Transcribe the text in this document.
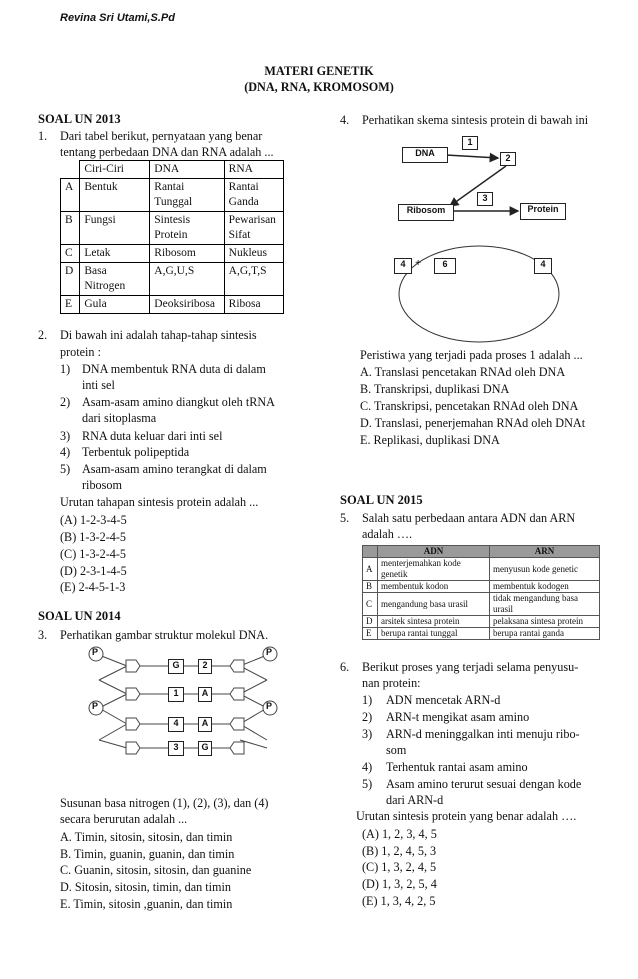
Revina Sri Utami,S.Pd
MATERI GENETIK
(DNA, RNA, KROMOSOM)
SOAL UN 2013
1. Dari tabel berikut, pernyataan yang benar
tentang perbedaan DNA dan RNA adalah ...
	Ciri-Ciri	DNA	RNA
A	Bentuk	Rantai Tunggal	Rantai Ganda
B	Fungsi	Sintesis Protein	Pewarisan Sifat
C	Letak	Ribosom	Nukleus
D	Basa Nitrogen	A,G,U,S	A,G,T,S
E	Gula	Deoksiribosa	Ribosa
2. Di bawah ini adalah tahap-tahap sintesis
protein :
1) DNA membentuk RNA duta di dalam
inti sel
2) Asam-asam amino diangkut oleh tRNA
dari sitoplasma
3) RNA duta keluar dari inti sel
4) Terbentuk polipeptida
5) Asam-asam amino terangkat di dalam
ribosom
Urutan tahapan sintesis protein adalah ...
(A) 1-2-3-4-5
(B) 1-3-2-4-5
(C) 1-3-2-4-5
(D) 2-3-1-4-5
(E) 2-4-5-1-3
SOAL UN 2014
3. Perhatikan gambar struktur molekul DNA.
P
P
P
P
G	2
1	A
4	A
3	G
Susunan basa nitrogen (1), (2), (3), dan (4)
secara berurutan adalah ...
A. Timin, sitosin, sitosin, dan timin
B. Timin, guanin, guanin, dan timin
C. Guanin, sitosin, sitosin, dan guanine
D. Sitosin, sitosin, timin, dan timin
E. Timin, sitosin ,guanin, dan timin
4. Perhatikan skema sintesis protein di bawah ini
DNA
1
2
3
Ribosom	Protein
4 +	6	4
Peristiwa yang terjadi pada proses 1 adalah ...
A. Translasi pencetakan RNAd oleh DNA
B. Transkripsi, duplikasi DNA
C. Transkripsi, pencetakan RNAd oleh DNA
D. Translasi, penerjemahan RNAd oleh DNAt
E. Replikasi, duplikasi DNA
SOAL UN 2015
5. Salah satu perbedaan antara ADN dan ARN
adalah ….
	ADN	ARN
A	menterjemahkan kode genetik	menyusun kode genetic
B	membentuk kodon	membentuk kodogen
C	mengandung basa urasil	tidak mengandung basa urasil
D	arsitek sintesa protein	pelaksana sintesa protein
E	berupa rantai tunggal	berupa rantai ganda
6. Berikut proses yang terjadi selama penyusu-
nan protein:
1) ADN mencetak ARN-d
2) ARN-t mengikat asam amino
3) ARN-d meninggalkan inti menuju ribo-
som
4) Terhentuk rantai asam amino
5) Asam amino terurut sesuai dengan kode
dari ARN-d
Urutan sintesis protein yang benar adalah ….
(A) 1, 2, 3, 4, 5
(B) 1, 2, 4, 5, 3
(C) 1, 3, 2, 4, 5
(D) 1, 3, 2, 5, 4
(E) 1, 3, 4, 2, 5
